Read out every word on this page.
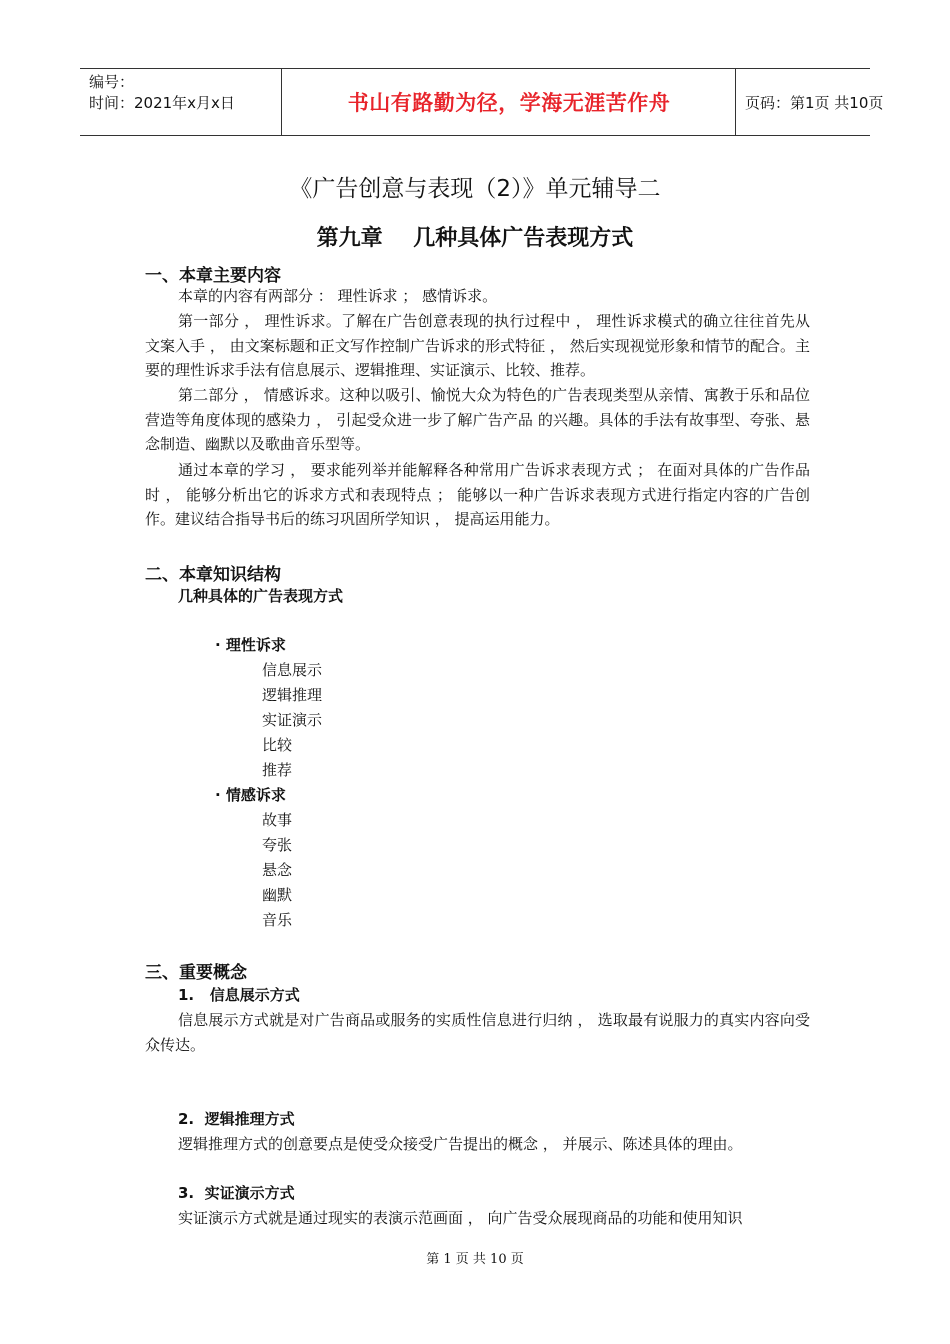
编号：
时间：2021年x月x日	书山有路勤为径，学海无涯苦作舟	页码：第1页 共10页
《广告创意与表现（2）》单元辅导二
第九章    几种具体广告表现方式
一、本章主要内容
本章的内容有两部分 ： 理性诉求 ； 感情诉求。
第一部分 ， 理性诉求。了解在广告创意表现的执行过程中 ， 理性诉求模式的确立往往首先从文案入手 ， 由文案标题和正文写作控制广告诉求的形式特征 ， 然后实现视觉形象和情节的配合。主要的理性诉求手法有信息展示、逻辑推理、实证演示、比较、推荐。
第二部分 ， 情感诉求。这种以吸引、愉悦大众为特色的广告表现类型从亲情、寓教于乐和品位营造等角度体现的感染力 ， 引起受众进一步了解广告产品 的兴趣。具体的手法有故事型、夸张、悬念制造、幽默以及歌曲音乐型等。
通过本章的学习 ， 要求能列举并能解释各种常用广告诉求表现方式 ； 在面对具体的广告作品时 ， 能够分析出它的诉求方式和表现特点 ； 能够以一种广告诉求表现方式进行指定内容的广告创作。建议结合指导书后的练习巩固所学知识 ， 提高运用能力。
二、本章知识结构
几种具体的广告表现方式
· 理性诉求
信息展示
逻辑推理
实证演示
比较
推荐
· 情感诉求
故事
夸张
悬念
幽默
音乐
三、重要概念
1.   信息展示方式
信息展示方式就是对广告商品或服务的实质性信息进行归纳 ， 选取最有说服力的真实内容向受众传达。
2.  逻辑推理方式
逻辑推理方式的创意要点是使受众接受广告提出的概念 ， 并展示、陈述具体的理由。
3.  实证演示方式
实证演示方式就是通过现实的表演示范画面 ， 向广告受众展现商品的功能和使用知识
第 1 页 共 10 页
